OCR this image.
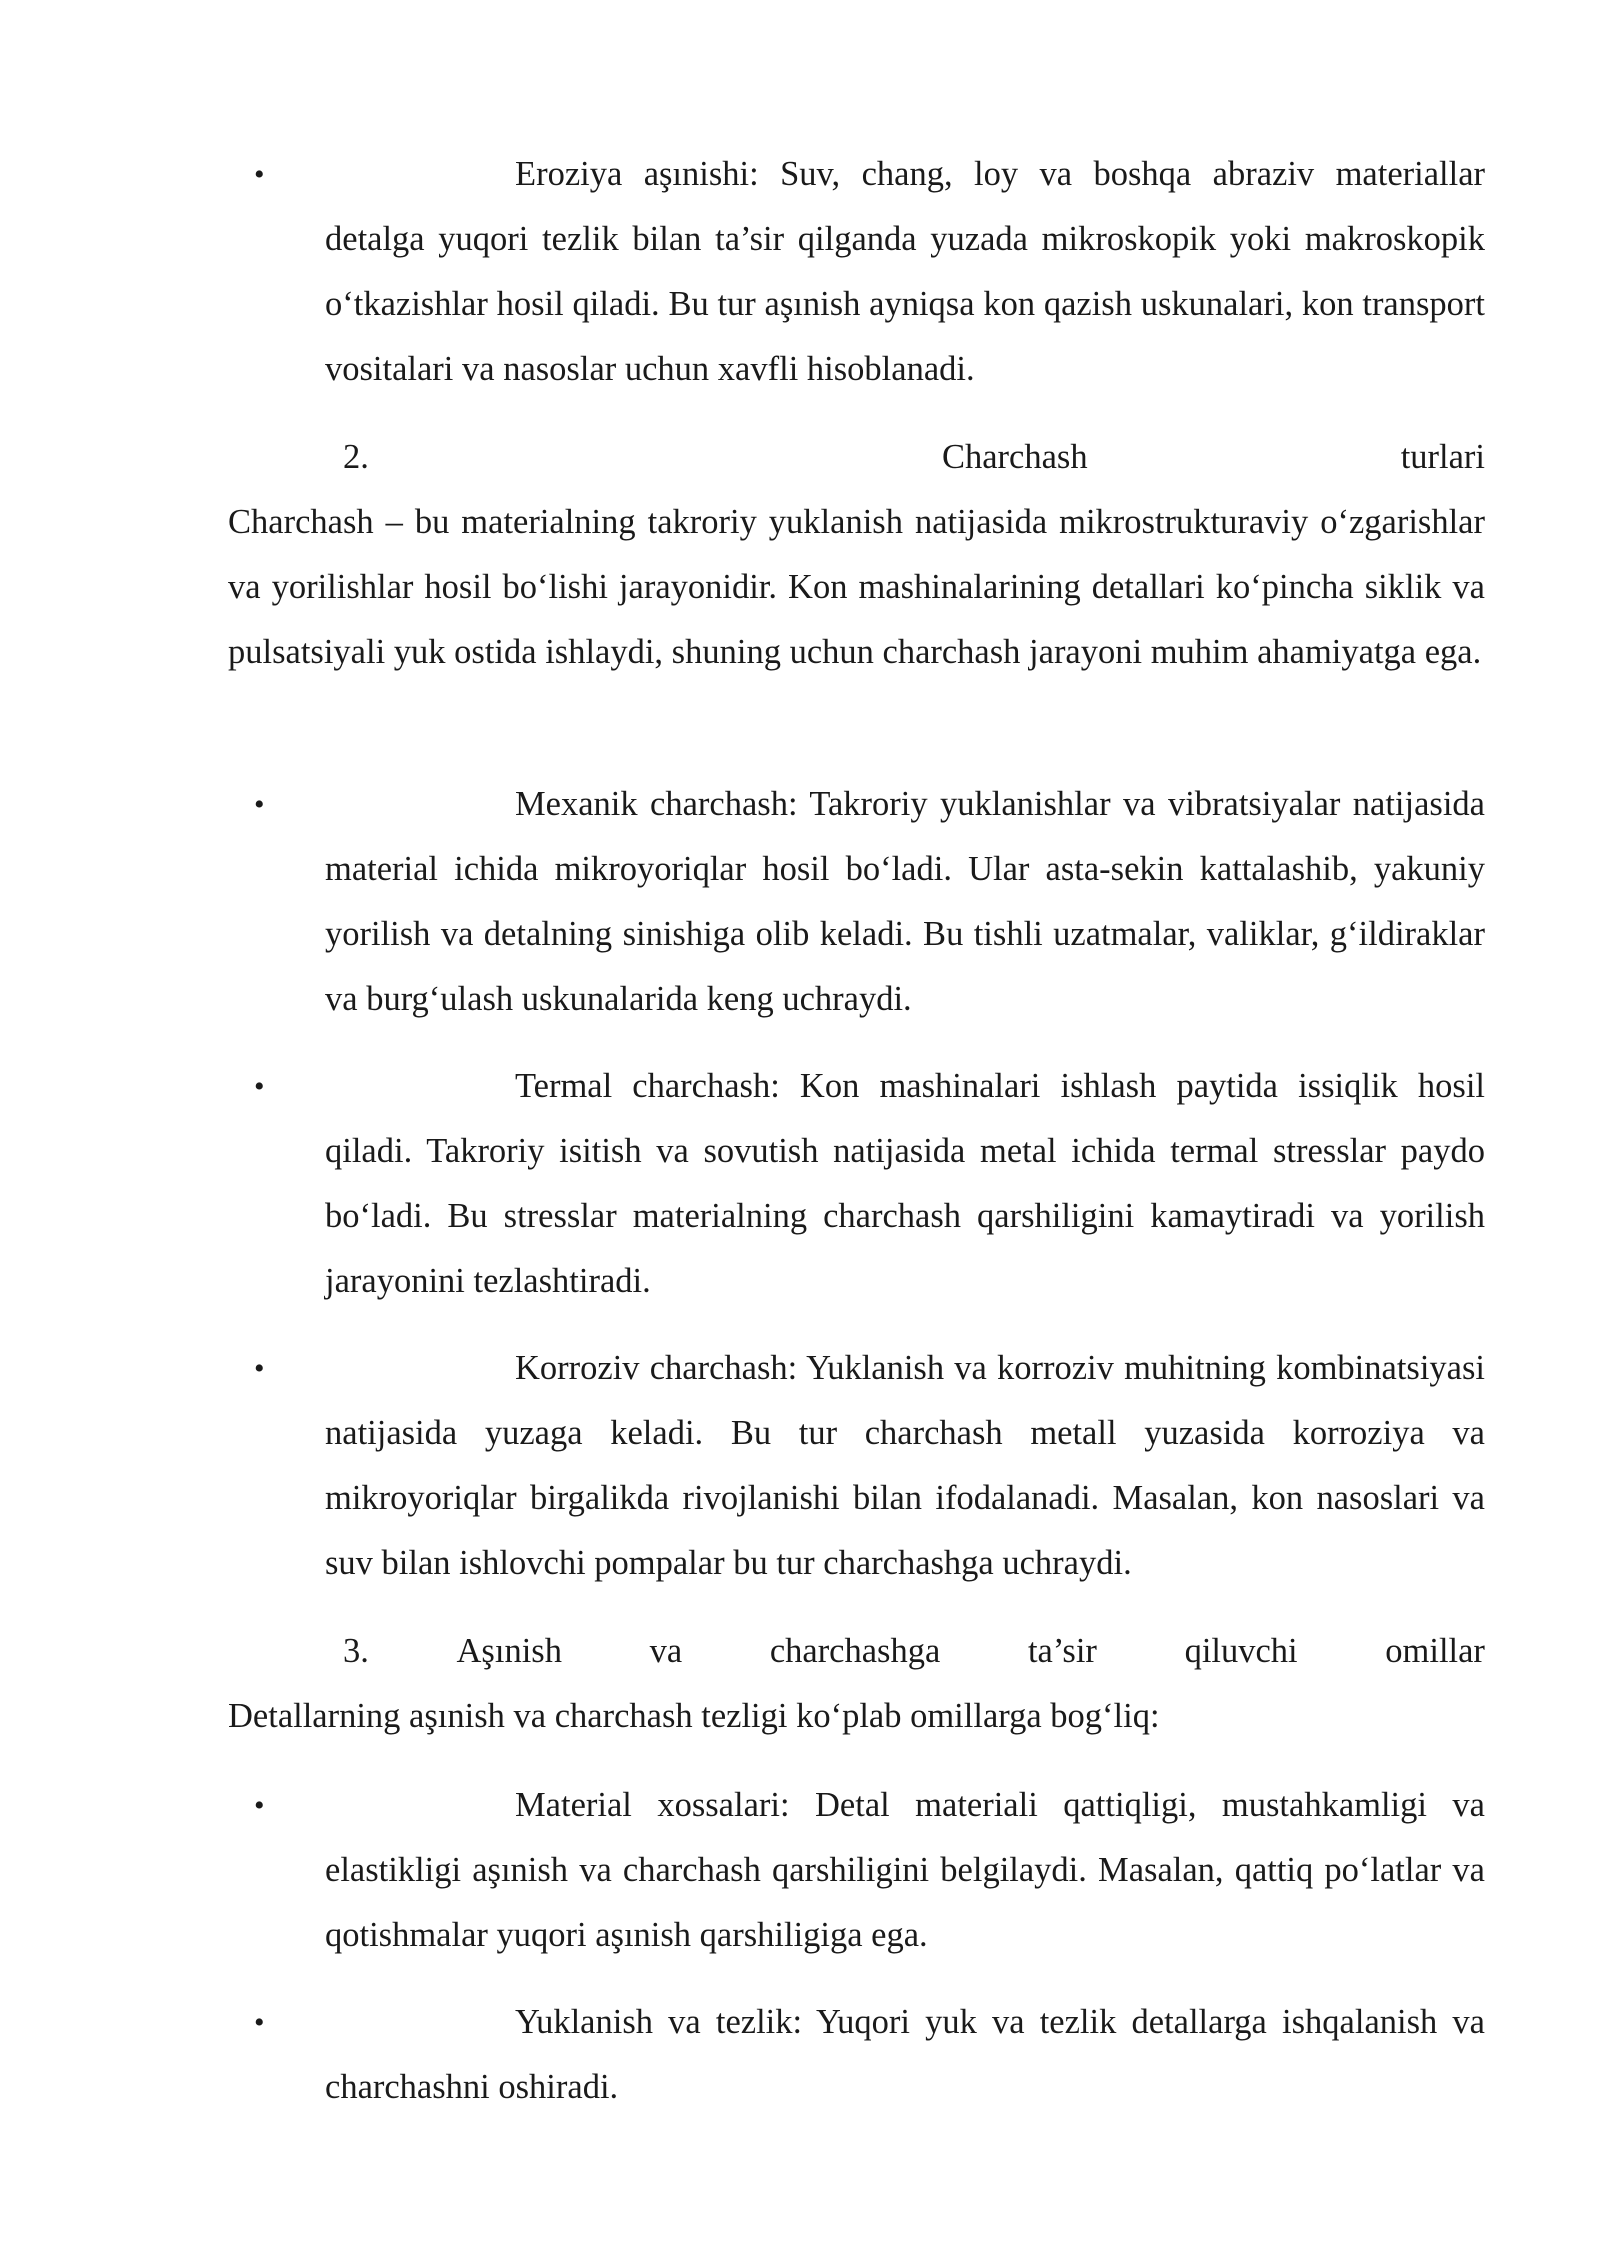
•	Eroziya aşınishi: Suv, chang, loy va boshqa abraziv materiallar detalga yuqori tezlik bilan ta’sir qilganda yuzada mikroskopik yoki makroskopik oʻtkazishlar hosil qiladi. Bu tur aşınish ayniqsa kon qazish uskunalari, kon transport vositalari va nasoslar uchun xavfli hisoblanadi.

2.	Charchash	turlari

Charchash – bu materialning takroriy yuklanish natijasida mikrostrukturaviy oʻzgarishlar va yorilishlar hosil boʻlishi jarayonidir. Kon mashinalarining detallari koʻpincha siklik va pulsatsiyali yuk ostida ishlaydi, shuning uchun charchash jarayoni muhim ahamiyatga ega.

•	Mexanik charchash: Takroriy yuklanishlar va vibratsiyalar natijasida material ichida mikroyoriqlar hosil boʻladi. Ular asta-sekin kattalashib, yakuniy yorilish va detalning sinishiga olib keladi. Bu tishli uzatmalar, valiklar, gʻildiraklar va burgʻulash uskunalarida keng uchraydi.

•	Termal charchash: Kon mashinalari ishlash paytida issiqlik hosil qiladi. Takroriy isitish va sovutish natijasida metal ichida termal stresslar paydo boʻladi. Bu stresslar materialning charchash qarshiligini kamaytiradi va yorilish jarayonini tezlashtiradi.

•	Korroziv charchash: Yuklanish va korroziv muhitning kombinatsiyasi natijasida yuzaga keladi. Bu tur charchash metall yuzasida korroziya va mikroyoriqlar birgalikda rivojlanishi bilan ifodalanadi. Masalan, kon nasoslari va suv bilan ishlovchi pompalar bu tur charchashga uchraydi.

3.	Aşınish	va	charchashga	ta’sir	qiluvchi	omillar

Detallarning aşınish va charchash tezligi koʻplab omillarga bogʻliq:

•	Material xossalari: Detal materiali qattiqligi, mustahkamligi va elastikligi aşınish va charchash qarshiligini belgilaydi. Masalan, qattiq poʻlatlar va qotishmalar yuqori aşınish qarshiligiga ega.

•	Yuklanish va tezlik: Yuqori yuk va tezlik detallarga ishqalanish va charchashni oshiradi.
